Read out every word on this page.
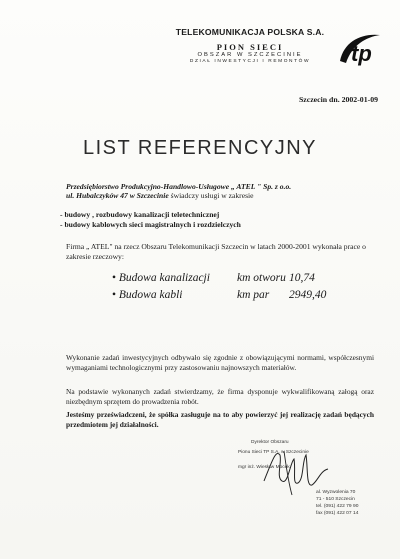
TELEKOMUNIKACJA POLSKA S.A.
PION SIECI
OBSZAR W SZCZECINIE
DZIAŁ INWESTYCJI I REMONTÓW	tp
Szczecin dn. 2002-01-09
LIST REFERENCYJNY
Przedsiębiorstwo Produkcyjno-Handlowo-Usługowe „ ATEL " Sp. z o.o.
ul. Hubalczyków 47 w Szczecinie świadczy usługi w zakresie
- budowy , rozbudowy kanalizacji teletechnicznej
- budowy kablowych sieci magistralnych i rozdzielczych
Firma „ ATEL" na rzecz Obszaru Telekomunikacji Szczecin w latach 2000-2001 wykonała prace o zakresie rzeczowy:
• Budowa kanalizacji	km otworu 10,74
• Budowa kabli	km par	2949,40
Wykonanie zadań inwestycyjnych odbywało się zgodnie z obowiązującymi normami, współczesnymi wymaganiami technologicznymi przy zastosowaniu najnowszych materiałów.
Na podstawie wykonanych zadań stwierdzamy, że firma dysponuje wykwalifikowaną załogą oraz niezbędnym sprzętem do prowadzenia robót.
Jesteśmy przeświadczeni, że spółka zasługuje na to aby powierzyć jej realizację zadań będących przedmiotem jej działalności.
Dyrektor Obszaru
Pionu Sieci TP S.A. w Szczecinie
mgr inż. Wiesław Mocek
al. Wyzwolenia 70
71 - 510 Szczecin
tel. (091) 422 79 90
fax (091) 422 07 14
